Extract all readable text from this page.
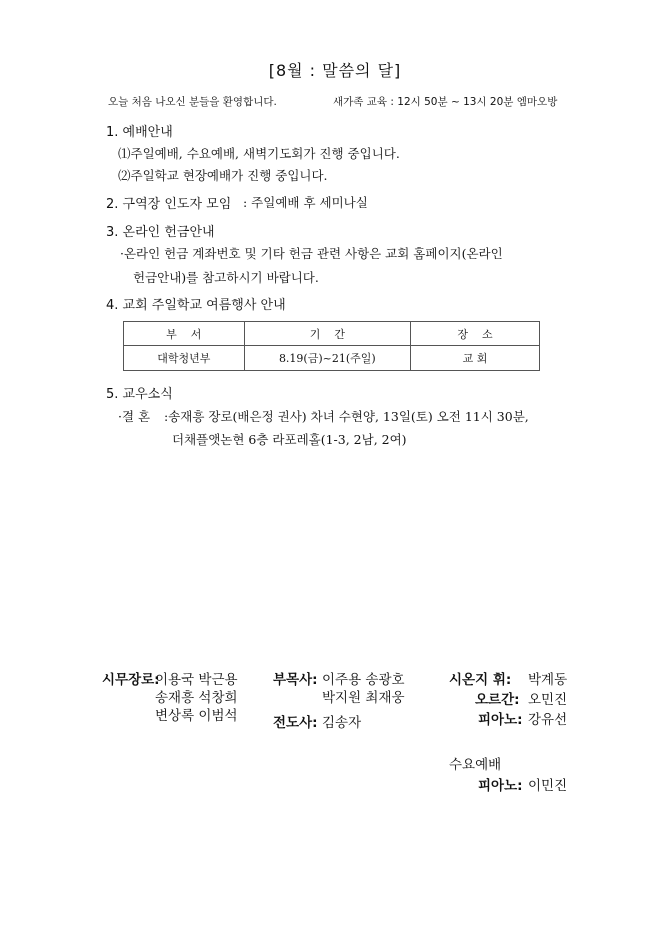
[8월 : 말씀의 달]
오늘 처음 나오신 분들을 환영합니다.	새가족 교육 : 12시 50분 ~ 13시 20분 엠마오방
1. 예배안내
⑴주일예배, 수요예배, 새벽기도회가 진행 중입니다.
⑵주일학교 현장예배가 진행 중입니다.
2. 구역장 인도자 모임 : 주일예배 후 세미나실
3. 온라인 헌금안내
·온라인 헌금 계좌번호 및 기타 헌금 관련 사항은 교회 홈페이지(온라인
헌금안내)를 참고하시기 바랍니다.
4. 교회 주일학교 여름행사 안내
부서	기간	장소
대학청년부	8.19(금)~21(주일)	교 회
5. 교우소식
·결 혼 :송재흥 장로(배은정 권사) 차녀 수현양, 13일(토) 오전 11시 30분,
더채플앳논현 6층 라포레홀(1-3, 2남, 2여)
시무장로:
이용국 박근용
송재흥 석창희
변상록 이범석
부목사: 이주용 송광호
박지원 최재웅
전도사: 김송자
시온지 휘: 박계동
오르간: 오민진
피아노: 강유선
수요예배
피아노: 이민진
